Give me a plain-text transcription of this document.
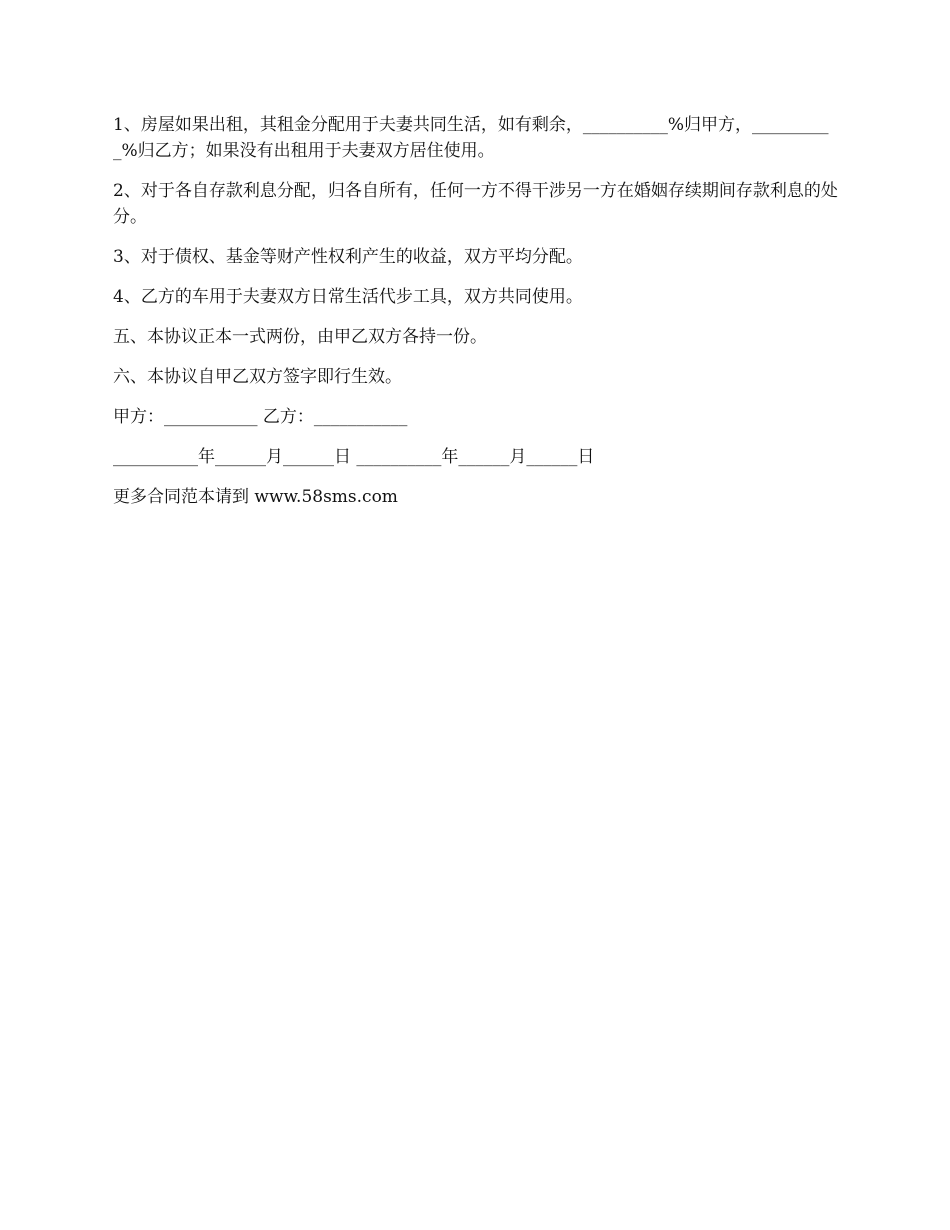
1、房屋如果出租，其租金分配用于夫妻共同生活，如有剩余，__________%归甲方，__________%归乙方；如果没有出租用于夫妻双方居住使用。

2、对于各自存款利息分配，归各自所有，任何一方不得干涉另一方在婚姻存续期间存款利息的处分。

3、对于债权、基金等财产性权利产生的收益，双方平均分配。

4、乙方的车用于夫妻双方日常生活代步工具，双方共同使用。

五、本协议正本一式两份，由甲乙双方各持一份。

六、本协议自甲乙双方签字即行生效。

甲方：___________ 乙方：___________

__________年______月______日 __________年______月______日

更多合同范本请到 www.58sms.com
